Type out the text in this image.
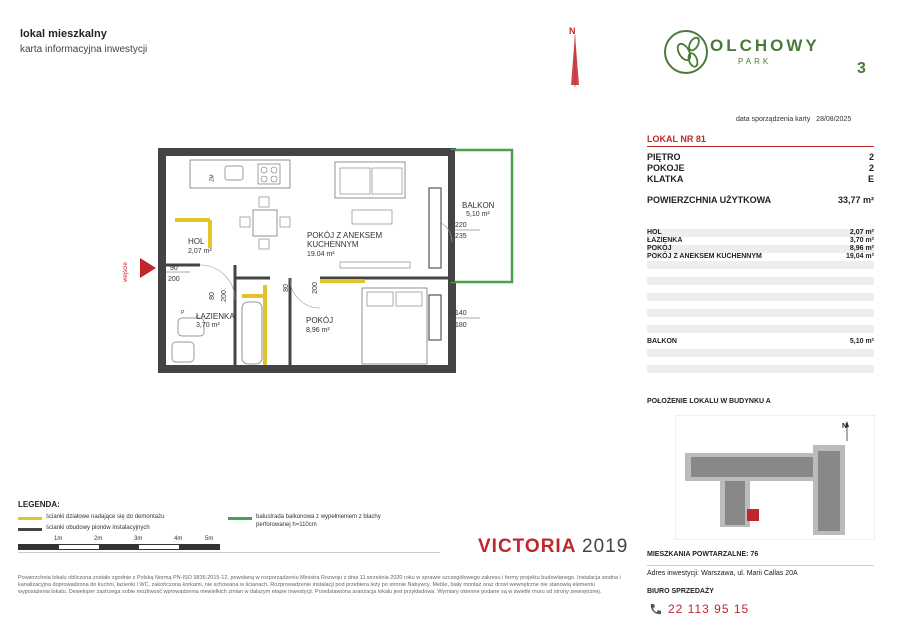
lokal mieszkalny
karta informacyjna inwestycji
N
OLCHOWY
PARK	3
data sporządzenia karty 28/08/2025
LOKAL NR 81
PIĘTRO	2
POKOJE	2
KLATKA	E
POWIERZCHNIA UŻYTKOWA	33,77 m²
HOL	2,07 m²
ŁAZIENKA	3,70 m²
POKÓJ	8,96 m²
POKÓJ Z ANEKSEM KUCHENNYM	19,04 m²
BALKON	5,10 m²
POŁOŻENIE LOKALU W BUDYNKU A
N
MIESZKANIA POWTARZALNE: 76
Adres inwestycji: Warszawa, ul. Marii Callas 20A
BIURO SPRZEDAŻY
22 113 95 15
HOL
2,07 m²
ŁAZIENKA
3,70 m²
POKÓJ
8,96 m²
POKÓJ Z ANEKSEM
KUCHENNYM
19.04 m²
BALKON
5,10 m²
wejście	90
200
80 200
80	200
220
235
140
180
ZM
P
LEGENDA:
ścianki działowe nadające się do demontażu
ścianki obudowy pionów instalacyjnych
balustrada balkonowa z wypełnieniem z blachy
perforowanej h=110cm
1m	2m	3m	4m	5m	VICTORIA 2019
Powierzchnia lokalu obliczona zostało zgodnie z Polską Normą PN-ISO 9836:2015-12, powołaną w rozporządzeniu Ministra Rozwoju z dnia 11 września 2020 roku w sprawie szczegółowego zakresu i formy projektu budowlanego. Instalacja wodna i kanalizacyjna doprowadzona do kuchni, łazienki i WC, zakończona korkami, nie schowana w ścianach. Rozprowadzenie instalacji pod przebiera leży po stronie Nabywcy. Meble, biały montaż oraz drzwi wewnętrzne nie stanowią elementu wyposażenia lokalu. Deweloper zastrzega sobie możliwość wprowadzenia niewielkich zmian w dalszym etapie inwestycji. Przedstawiona aranżacja lokalu jest przykładowa. Wymiary okienne podane są w świetle muru od strony zewnętrznej.
